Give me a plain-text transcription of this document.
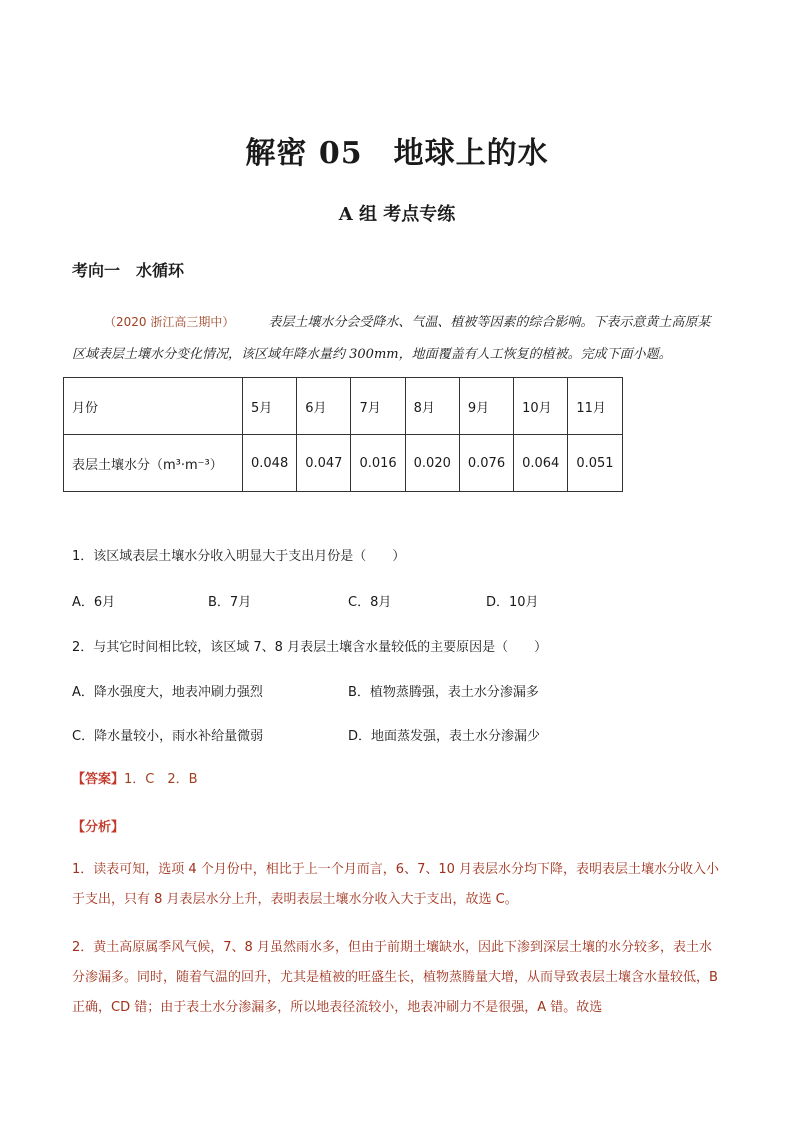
解密 05　地球上的水
A 组 考点专练
考向一　水循环
（2020 浙江高三期中）	表层土壤水分会受降水、气温、植被等因素的综合影响。下表示意黄土高原某区域表层土壤水分变化情况，该区域年降水量约 300mm，地面覆盖有人工恢复的植被。完成下面小题。
月份	5月	6月	7月	8月	9月	10月	11月
表层土壤水分（m³·m⁻³）	0.048	0.047	0.016	0.020	0.076	0.064	0.051
1．该区域表层土壤水分收入明显大于支出月份是（　　）
A．6月	B．7月	C．8月	D．10月
2．与其它时间相比较，该区域 7、8 月表层土壤含水量较低的主要原因是（　　）
A．降水强度大，地表冲刷力强烈	B．植物蒸腾强，表土水分渗漏多
C．降水量较小，雨水补给量微弱	D．地面蒸发强，表土水分渗漏少
【答案】1．C　2．B
【分析】
1．读表可知，选项 4 个月份中，相比于上一个月而言，6、7、10 月表层水分均下降，表明表层土壤水分收入小于支出，只有 8 月表层水分上升，表明表层土壤水分收入大于支出，故选 C。
2．黄土高原属季风气候，7、8 月虽然雨水多，但由于前期土壤缺水，因此下渗到深层土壤的水分较多，表土水分渗漏多。同时，随着气温的回升，尤其是植被的旺盛生长，植物蒸腾量大增，从而导致表层土壤含水量较低，B 正确，CD 错；由于表土水分渗漏多，所以地表径流较小，地表冲刷力不是很强，A 错。故选
